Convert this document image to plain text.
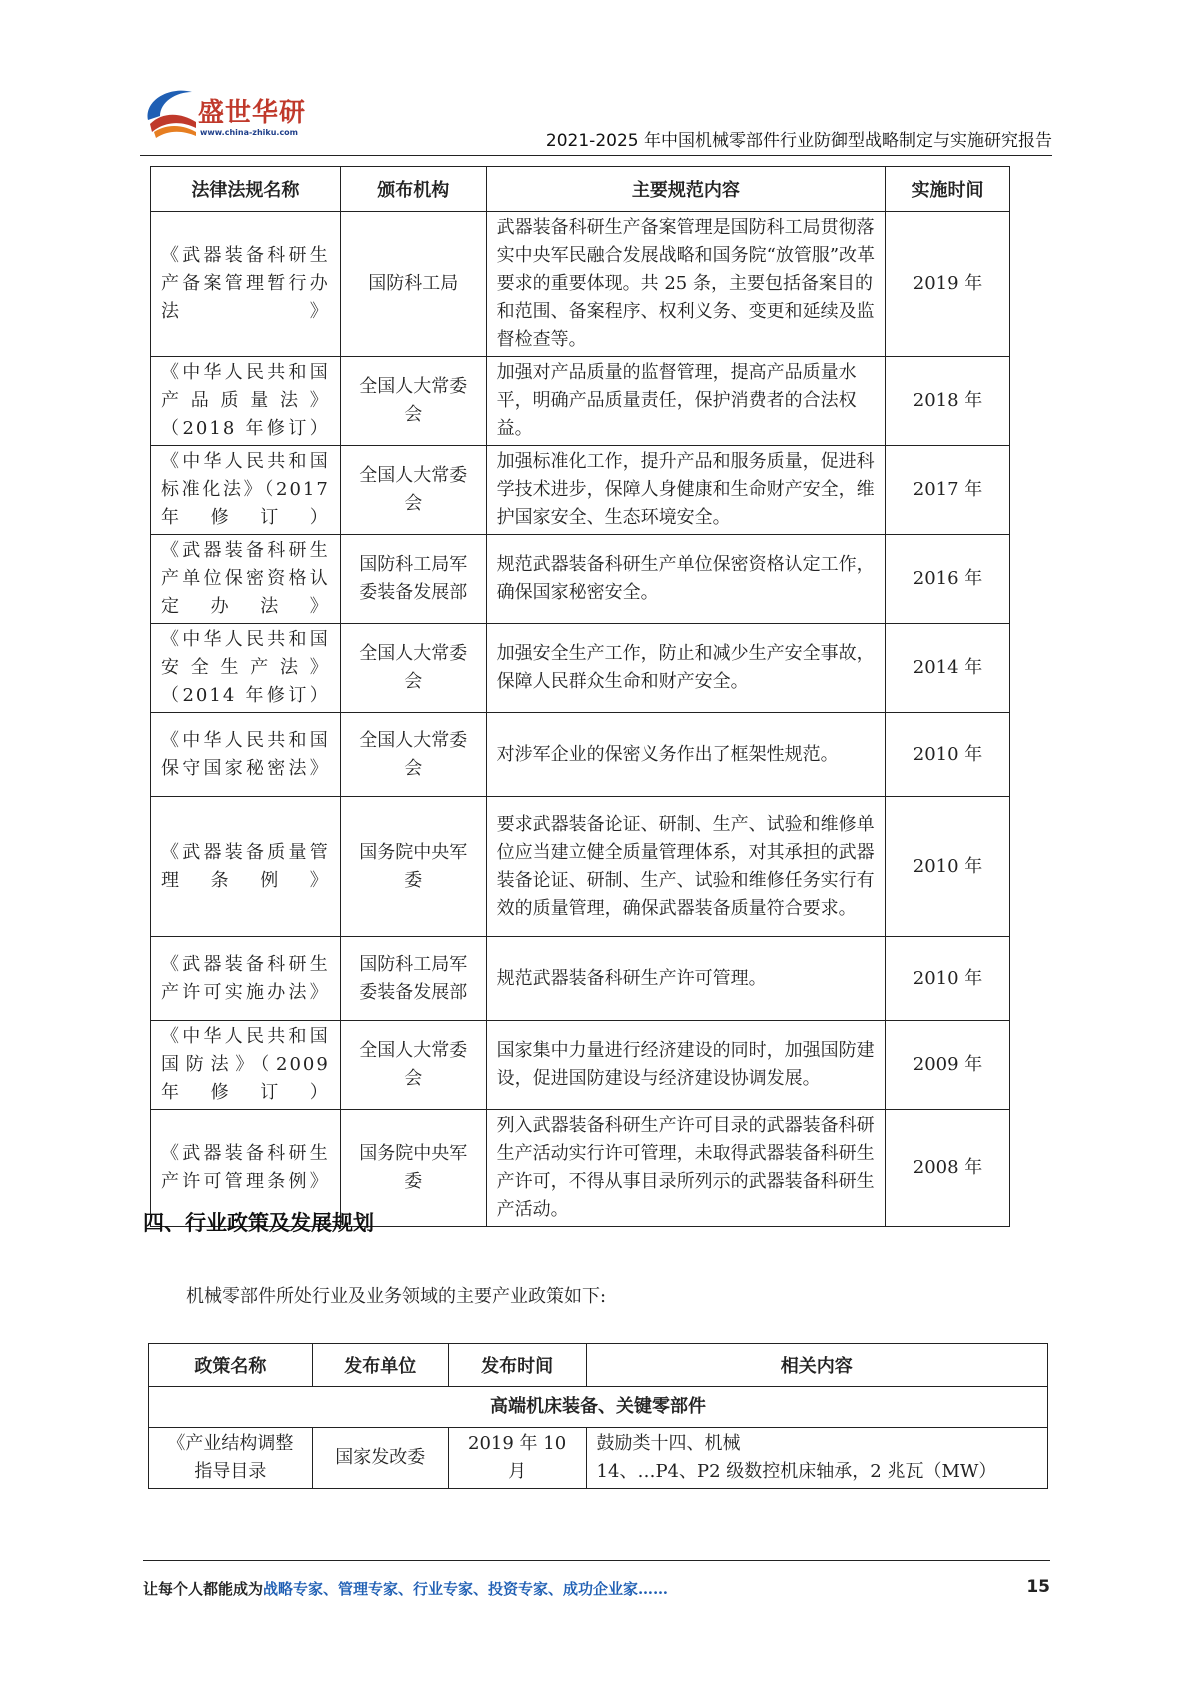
盛世华研
www.china-zhiku.com	2021-2025 年中国机械零部件行业防御型战略制定与实施研究报告
法律法规名称	颁布机构	主要规范内容	实施时间
《武器装备科研生产备案管理暂行办法》	国防科工局	武器装备科研生产备案管理是国防科工局贯彻落实中央军民融合发展战略和国务院“放管服”改革要求的重要体现。共 25 条，主要包括备案目的和范围、备案程序、权利义务、变更和延续及监督检查等。	2019 年
《中华人民共和国产品质量法》（2018 年修订）	全国人大常委会	加强对产品质量的监督管理，提高产品质量水平，明确产品质量责任，保护消费者的合法权益。	2018 年
《中华人民共和国标准化法》（2017 年修订）	全国人大常委会	加强标准化工作，提升产品和服务质量，促进科学技术进步，保障人身健康和生命财产安全，维护国家安全、生态环境安全。	2017 年
《武器装备科研生产单位保密资格认定办法》	国防科工局军委装备发展部	规范武器装备科研生产单位保密资格认定工作，确保国家秘密安全。	2016 年
《中华人民共和国安全生产法》（2014 年修订）	全国人大常委会	加强安全生产工作，防止和减少生产安全事故，保障人民群众生命和财产安全。	2014 年
《中华人民共和国保守国家秘密法》	全国人大常委会	对涉军企业的保密义务作出了框架性规范。	2010 年
《武器装备质量管理条例》	国务院中央军委	要求武器装备论证、研制、生产、试验和维修单位应当建立健全质量管理体系，对其承担的武器装备论证、研制、生产、试验和维修任务实行有效的质量管理，确保武器装备质量符合要求。	2010 年
《武器装备科研生产许可实施办法》	国防科工局军委装备发展部	规范武器装备科研生产许可管理。	2010 年
《中华人民共和国国防法》（2009 年修订）	全国人大常委会	国家集中力量进行经济建设的同时，加强国防建设，促进国防建设与经济建设协调发展。	2009 年
《武器装备科研生产许可管理条例》	国务院中央军委	列入武器装备科研生产许可目录的武器装备科研生产活动实行许可管理，未取得武器装备科研生产许可，不得从事目录所列示的武器装备科研生产活动。	2008 年
四、行业政策及发展规划
机械零部件所处行业及业务领域的主要产业政策如下:
政策名称	发布单位	发布时间	相关内容
高端机床装备、关键零部件			
《产业结构调整指导目录	国家发改委	2019 年 10 月	鼓励类十四、机械
14、…P4、P2 级数控机床轴承，2 兆瓦（MW）
让每个人都能成为战略专家、管理专家、行业专家、投资专家、成功企业家……	15
